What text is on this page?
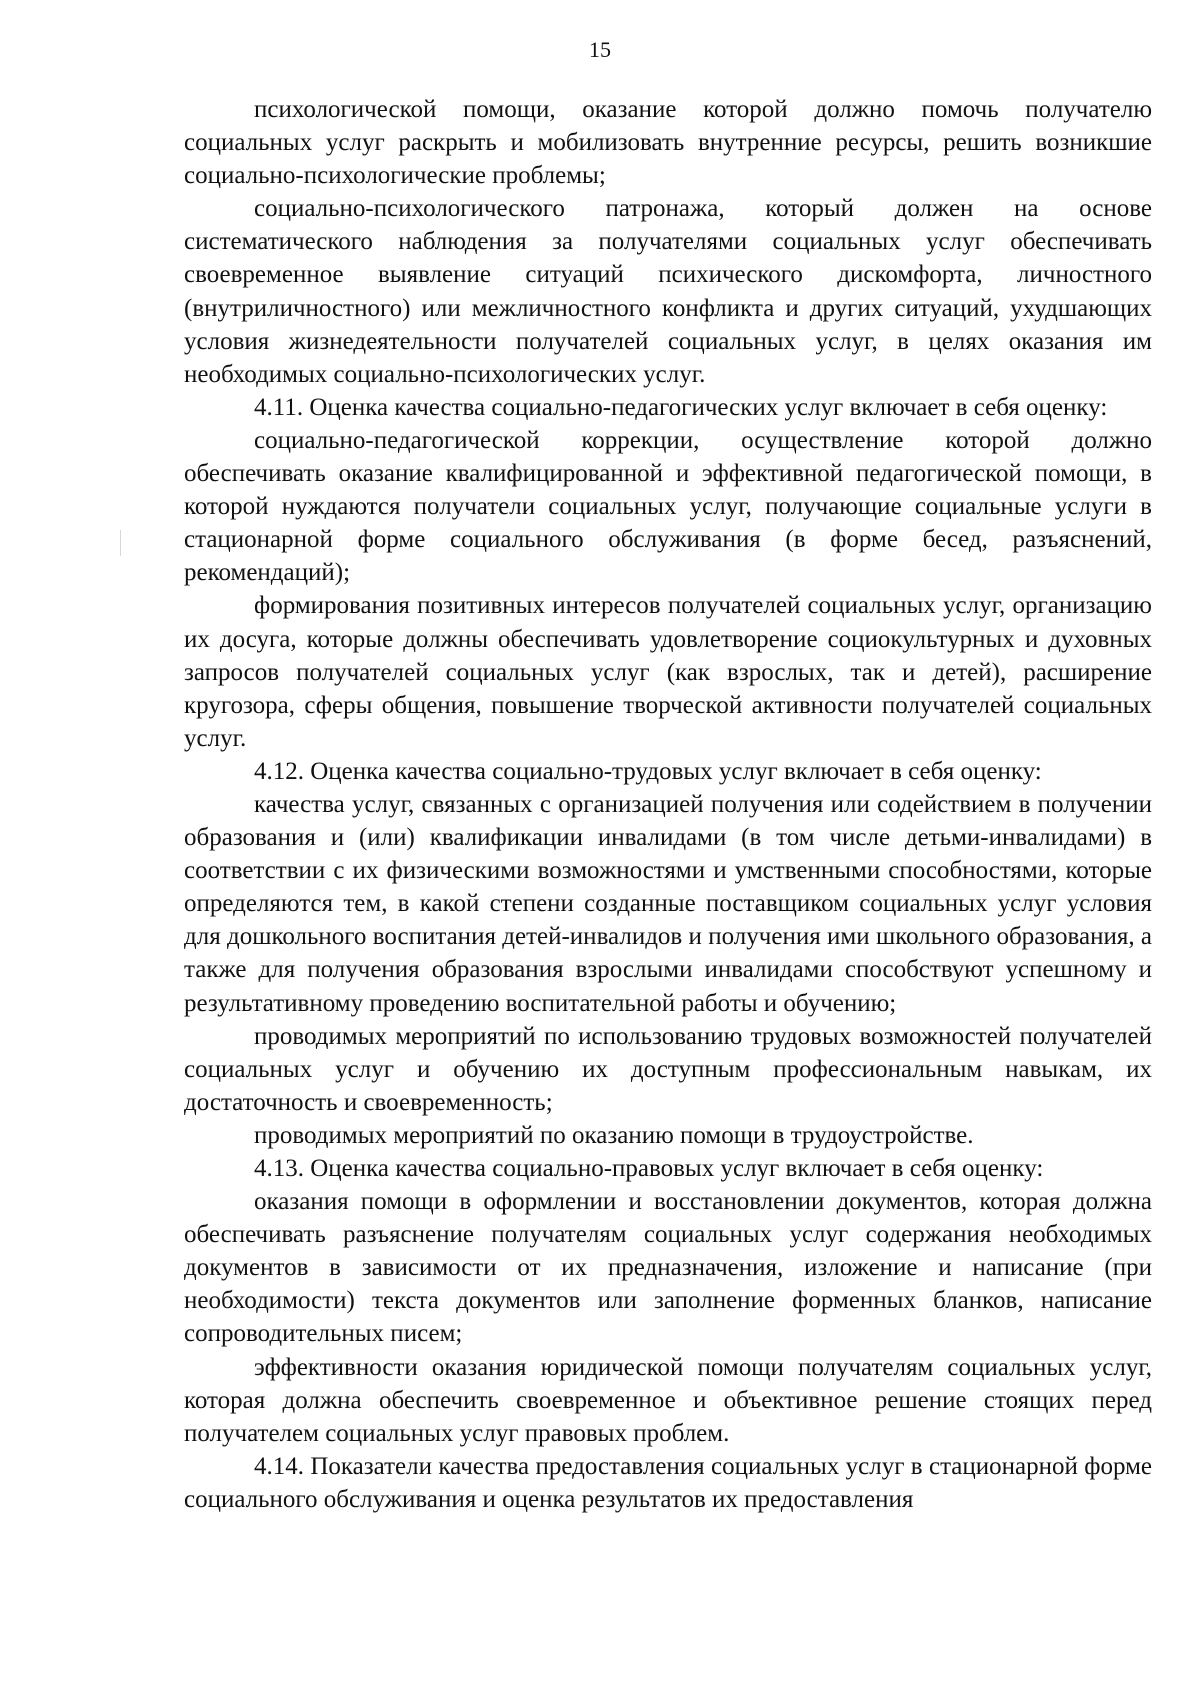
15

психологической помощи, оказание которой должно помочь получателю социальных услуг раскрыть и мобилизовать внутренние ресурсы, решить возникшие социально-психологические проблемы;

социально-психологического патронажа, который должен на основе систематического наблюдения за получателями социальных услуг обеспечивать своевременное выявление ситуаций психического дискомфорта, личностного (внутриличностного) или межличностного конфликта и других ситуаций, ухудшающих условия жизнедеятельности получателей социальных услуг, в целях оказания им необходимых социально-психологических услуг.

4.11. Оценка качества социально-педагогических услуг включает в себя оценку:

социально-педагогической коррекции, осуществление которой должно обеспечивать оказание квалифицированной и эффективной педагогической помощи, в которой нуждаются получатели социальных услуг, получающие социальные услуги в стационарной форме социального обслуживания (в форме бесед, разъяснений, рекомендаций);

формирования позитивных интересов получателей социальных услуг, организацию их досуга, которые должны обеспечивать удовлетворение социокультурных и духовных запросов получателей социальных услуг (как взрослых, так и детей), расширение кругозора, сферы общения, повышение творческой активности получателей социальных услуг.

4.12. Оценка качества социально-трудовых услуг включает в себя оценку:

качества услуг, связанных с организацией получения или содействием в получении образования и (или) квалификации инвалидами (в том числе детьми-инвалидами) в соответствии с их физическими возможностями и умственными способностями, которые определяются тем, в какой степени созданные поставщиком социальных услуг условия для дошкольного воспитания детей-инвалидов и получения ими школьного образования, а также для получения образования взрослыми инвалидами способствуют успешному и результативному проведению воспитательной работы и обучению;

проводимых мероприятий по использованию трудовых возможностей получателей социальных услуг и обучению их доступным профессиональным навыкам, их достаточность и своевременность;

проводимых мероприятий по оказанию помощи в трудоустройстве.

4.13. Оценка качества социально-правовых услуг включает в себя оценку:

оказания помощи в оформлении и восстановлении документов, которая должна обеспечивать разъяснение получателям социальных услуг содержания необходимых документов в зависимости от их предназначения, изложение и написание (при необходимости) текста документов или заполнение форменных бланков, написание сопроводительных писем;

эффективности оказания юридической помощи получателям социальных услуг, которая должна обеспечить своевременное и объективное решение стоящих перед получателем социальных услуг правовых проблем.

4.14. Показатели качества предоставления социальных услуг в стационарной форме социального обслуживания и оценка результатов их предоставления
